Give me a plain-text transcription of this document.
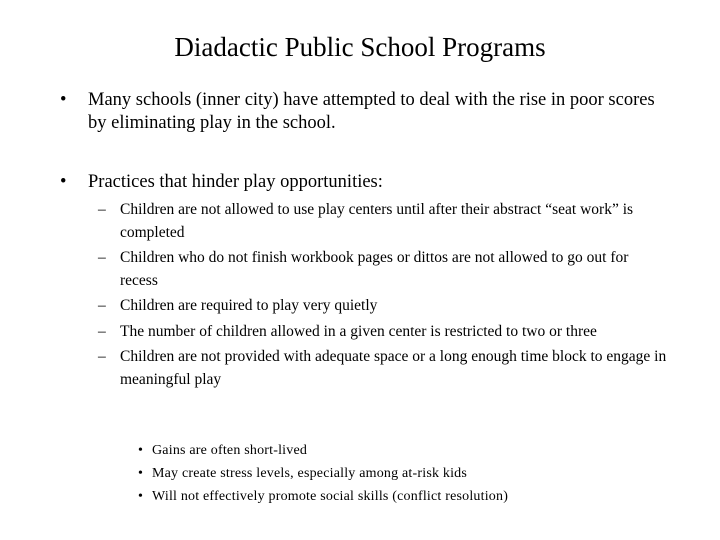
Diadactic Public School Programs
• Many schools (inner city) have attempted to deal with the rise in poor scores by eliminating play in the school.
• Practices that hinder play opportunities:
– Children are not allowed to use play centers until after their abstract “seat work” is completed
– Children who do not finish workbook pages or dittos are not allowed to go out for recess
– Children are required to play very quietly
– The number of children allowed in a given center is restricted to two or three
– Children are not provided with adequate space or a long enough time block to engage in meaningful play
• Gains are often short-lived
• May create stress levels, especially among at-risk kids
• Will not effectively promote social skills (conflict resolution)
